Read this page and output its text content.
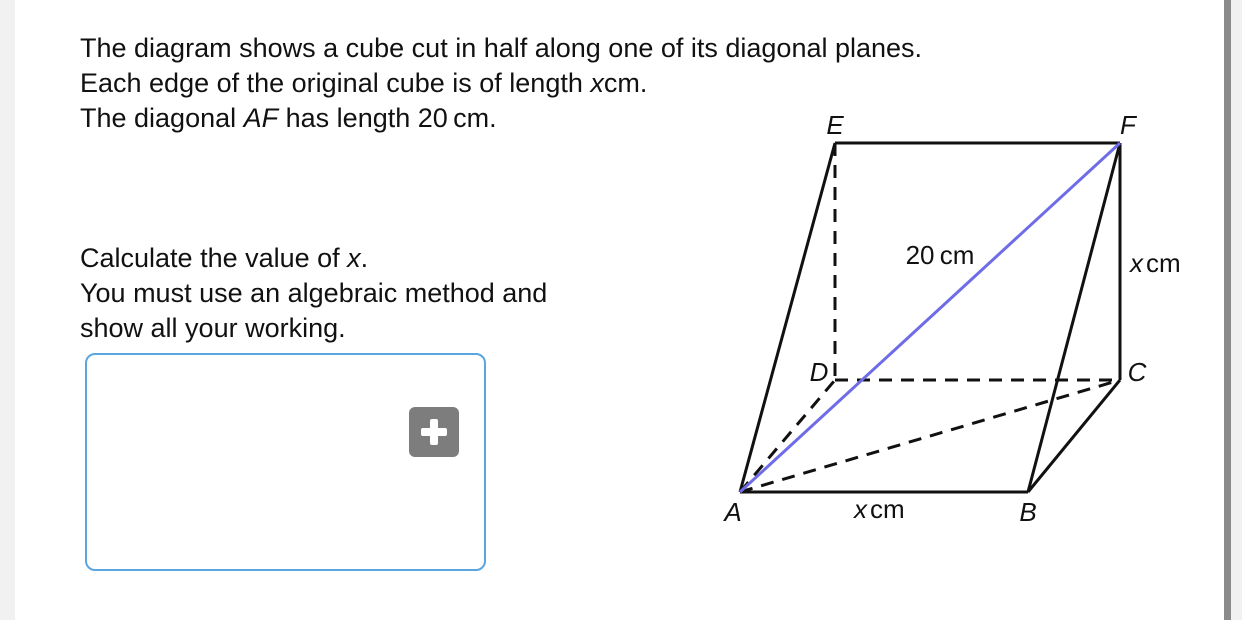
The diagram shows a cube cut in half along one of its diagonal planes.
Each edge of the original cube is of length xcm.
The diagonal AF has length 20 cm.

Calculate the value of x.
You must use an algebraic method and
show all your working.

A	B
C
D
E	F
20 cm	x cm
x cm
